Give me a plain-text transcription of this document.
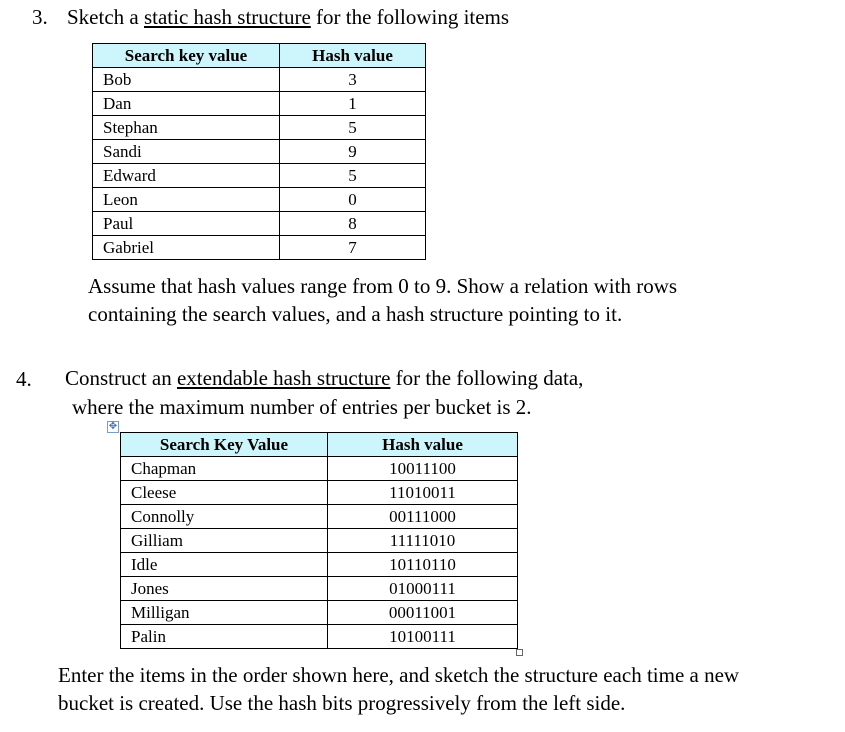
3. Sketch a static hash structure for the following items
Search key value	Hash value
Bob	3
Dan	1
Stephan	5
Sandi	9
Edward	5
Leon	0
Paul	8
Gabriel	7
Assume that hash values range from 0 to 9. Show a relation with rows
containing the search values, and a hash structure pointing to it.
4. Construct an extendable hash structure for the following data,
where the maximum number of entries per bucket is 2.
✥
Search Key Value	Hash value
Chapman	10011100
Cleese	11010011
Connolly	00111000
Gilliam	11111010
Idle	10110110
Jones	01000111
Milligan	00011001
Palin	10100111
Enter the items in the order shown here, and sketch the structure each time a new
bucket is created. Use the hash bits progressively from the left side.
